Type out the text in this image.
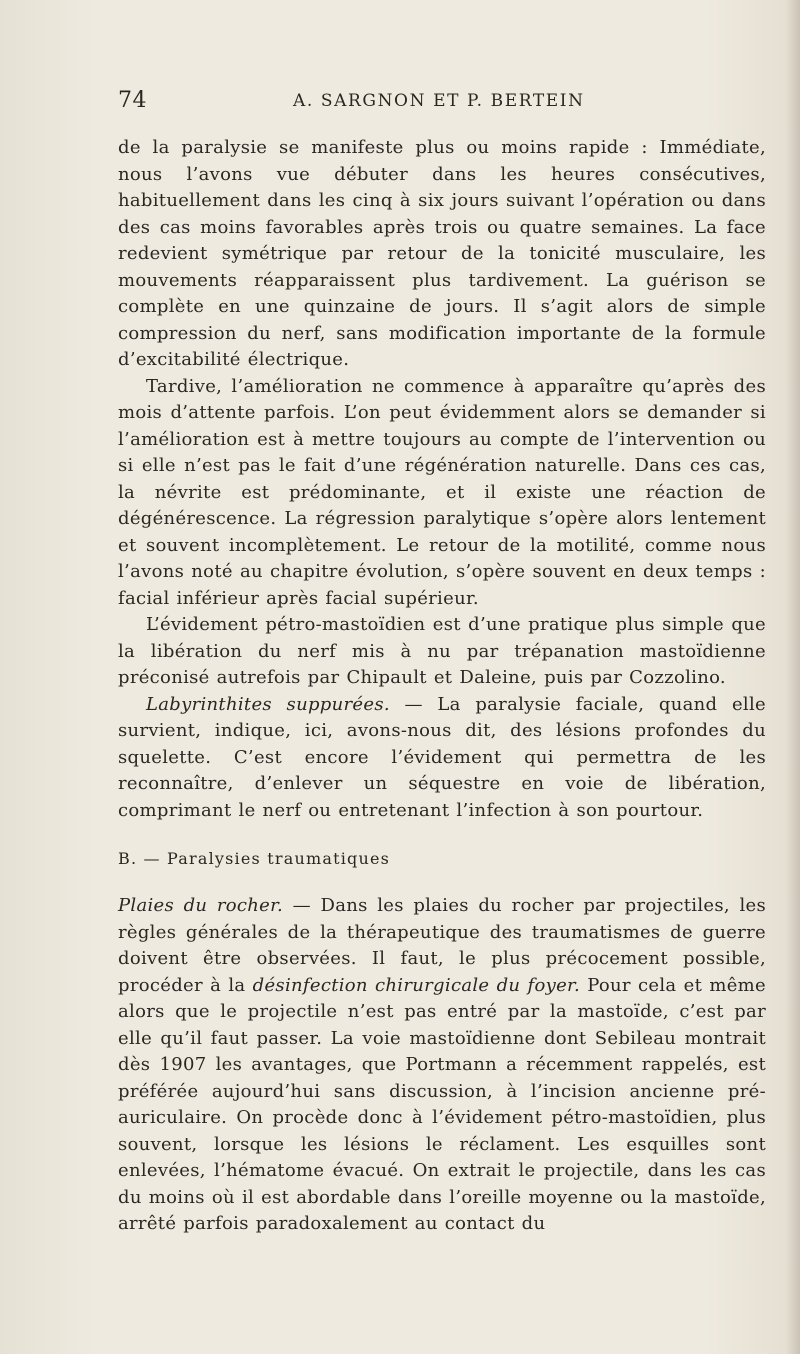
74	A. SARGNON ET P. BERTEIN

de la paralysie se manifeste plus ou moins rapide : Immédiate, nous l’avons vue débuter dans les heures consécutives, habituellement dans les cinq à six jours suivant l’opération ou dans des cas moins favorables après trois ou quatre semaines. La face redevient symétrique par retour de la tonicité musculaire, les mouvements réapparaissent plus tardivement. La guérison se complète en une quinzaine de jours. Il s’agit alors de simple compression du nerf, sans modification importante de la formule d’excitabilité électrique.

Tardive, l’amélioration ne commence à apparaître qu’après des mois d’attente parfois. L’on peut évidemment alors se demander si l’amélioration est à mettre toujours au compte de l’intervention ou si elle n’est pas le fait d’une régénération naturelle. Dans ces cas, la névrite est prédominante, et il existe une réaction de dégénérescence. La régression paralytique s’opère alors lentement et souvent incomplètement. Le retour de la motilité, comme nous l’avons noté au chapitre évolution, s’opère souvent en deux temps : facial inférieur après facial supérieur.

L’évidement pétro-mastoïdien est d’une pratique plus simple que la libération du nerf mis à nu par trépanation mastoïdienne préconisé autrefois par Chipault et Daleine, puis par Cozzolino.

Labyrinthites suppurées. — La paralysie faciale, quand elle survient, indique, ici, avons-nous dit, des lésions profondes du squelette. C’est encore l’évidement qui permettra de les reconnaître, d’enlever un séquestre en voie de libération, comprimant le nerf ou entretenant l’infection à son pourtour.

B. — Paralysies traumatiques

Plaies du rocher. — Dans les plaies du rocher par projectiles, les règles générales de la thérapeutique des traumatismes de guerre doivent être observées. Il faut, le plus précocement possible, procéder à la désinfection chirurgicale du foyer. Pour cela et même alors que le projectile n’est pas entré par la mastoïde, c’est par elle qu’il faut passer. La voie mastoïdienne dont Sebileau montrait dès 1907 les avantages, que Portmann a récemment rappelés, est préférée aujourd’hui sans discussion, à l’incision ancienne pré-auriculaire. On procède donc à l’évidement pétro-mastoïdien, plus souvent, lorsque les lésions le réclament. Les esquilles sont enlevées, l’hématome évacué. On extrait le projectile, dans les cas du moins où il est abordable dans l’oreille moyenne ou la mastoïde, arrêté parfois paradoxalement au contact du
